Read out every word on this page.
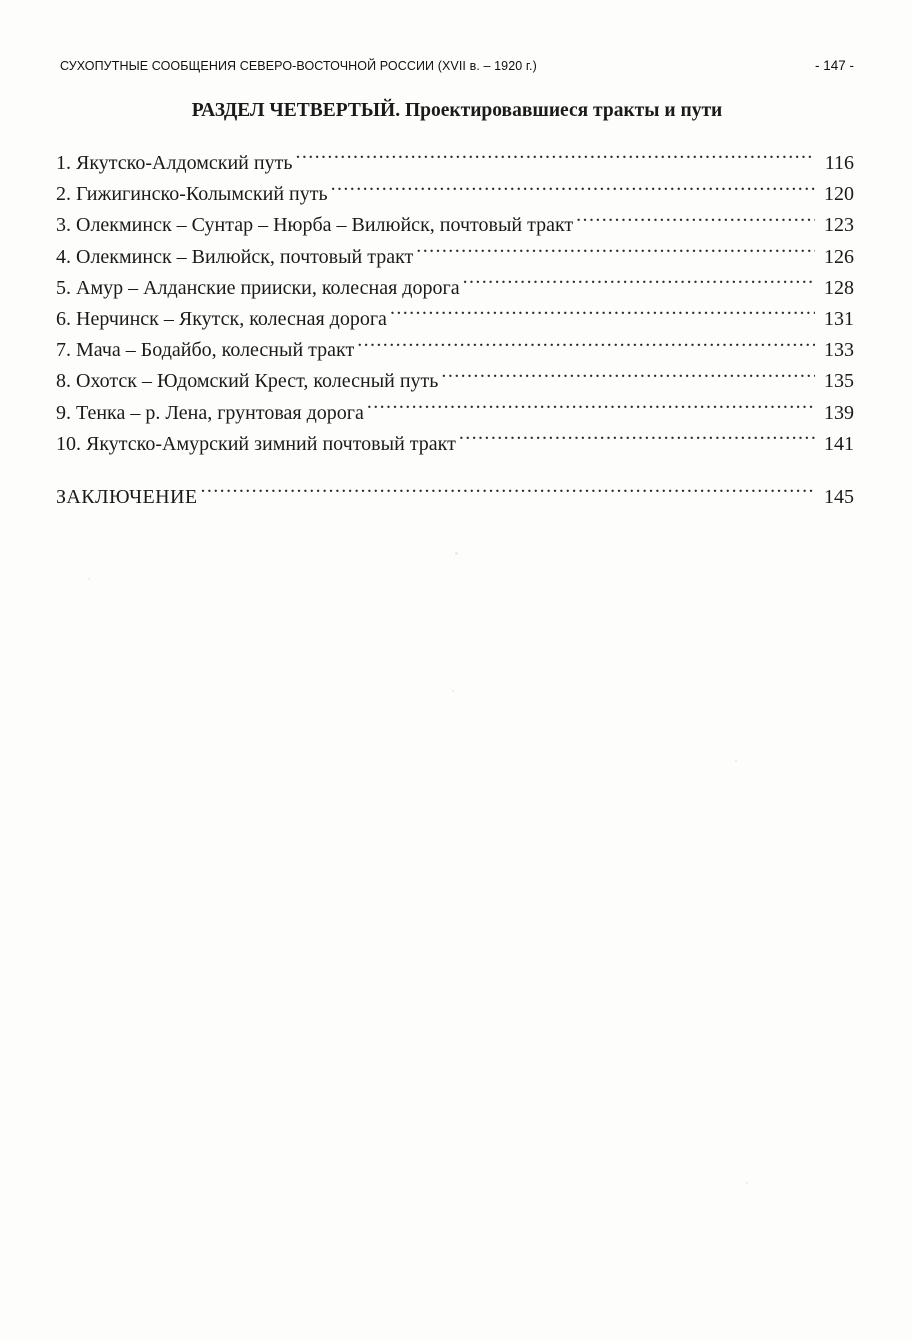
СУХОПУТНЫЕ СООБЩЕНИЯ СЕВЕРО-ВОСТОЧНОЙ РОССИИ (XVII в. – 1920 г.)	- 147 -
РАЗДЕЛ ЧЕТВЕРТЫЙ. Проектировавшиеся тракты и пути
1. Якутско-Алдомский путь .....	116
2. Гижигинско-Колымский путь .....	120
3. Олекминск – Сунтар – Нюрба – Вилюйск, почтовый тракт .....	123
4. Олекминск – Вилюйск, почтовый тракт .....	126
5. Амур – Алданские прииски, колесная дорога .....	128
6. Нерчинск – Якутск, колесная дорога .....	131
7. Мача – Бодайбо, колесный тракт .....	133
8. Охотск – Юдомский Крест, колесный путь .....	135
9. Тенка – р. Лена, грунтовая дорога .....	139
10. Якутско-Амурский зимний почтовый тракт .....	141
ЗАКЛЮЧЕНИЕ .....	145
